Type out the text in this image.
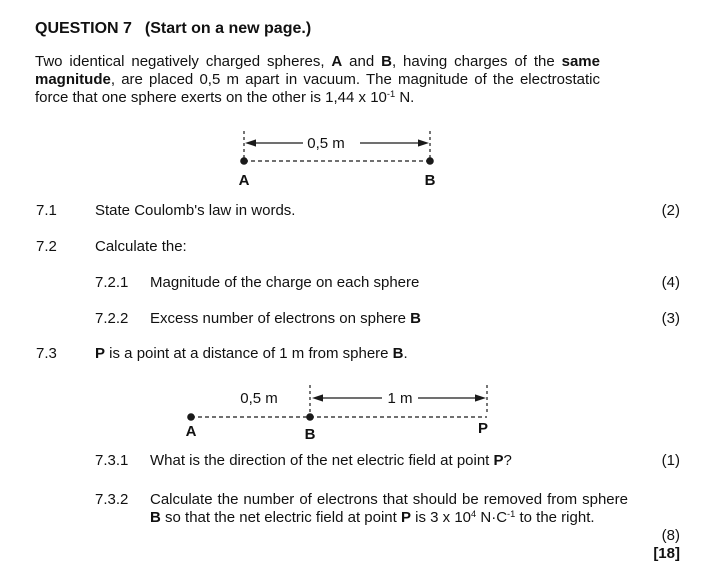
QUESTION 7 (Start on a new page.)
Two identical negatively charged spheres, A and B, having charges of the same magnitude, are placed 0,5 m apart in vacuum. The magnitude of the electrostatic force that one sphere exerts on the other is 1,44 x $10^{-1}$ N.
0,5 m
A	B
7.1	State Coulomb's law in words.	(2)
7.2	Calculate the:
7.2.1 Magnitude of the charge on each sphere	(4)
7.2.2 Excess number of electrons on sphere B	(3)
7.3	P is a point at a distance of 1 m from sphere B.
0,5 m	1 m
A	B	P
7.3.1 What is the direction of the net electric field at point P?	(1)
7.3.2 Calculate the number of electrons that should be removed from sphere B so that the net electric field at point P is 3 x $10^4$ $N\cdot C^{-1}$ to the right.
(8)
[18]
